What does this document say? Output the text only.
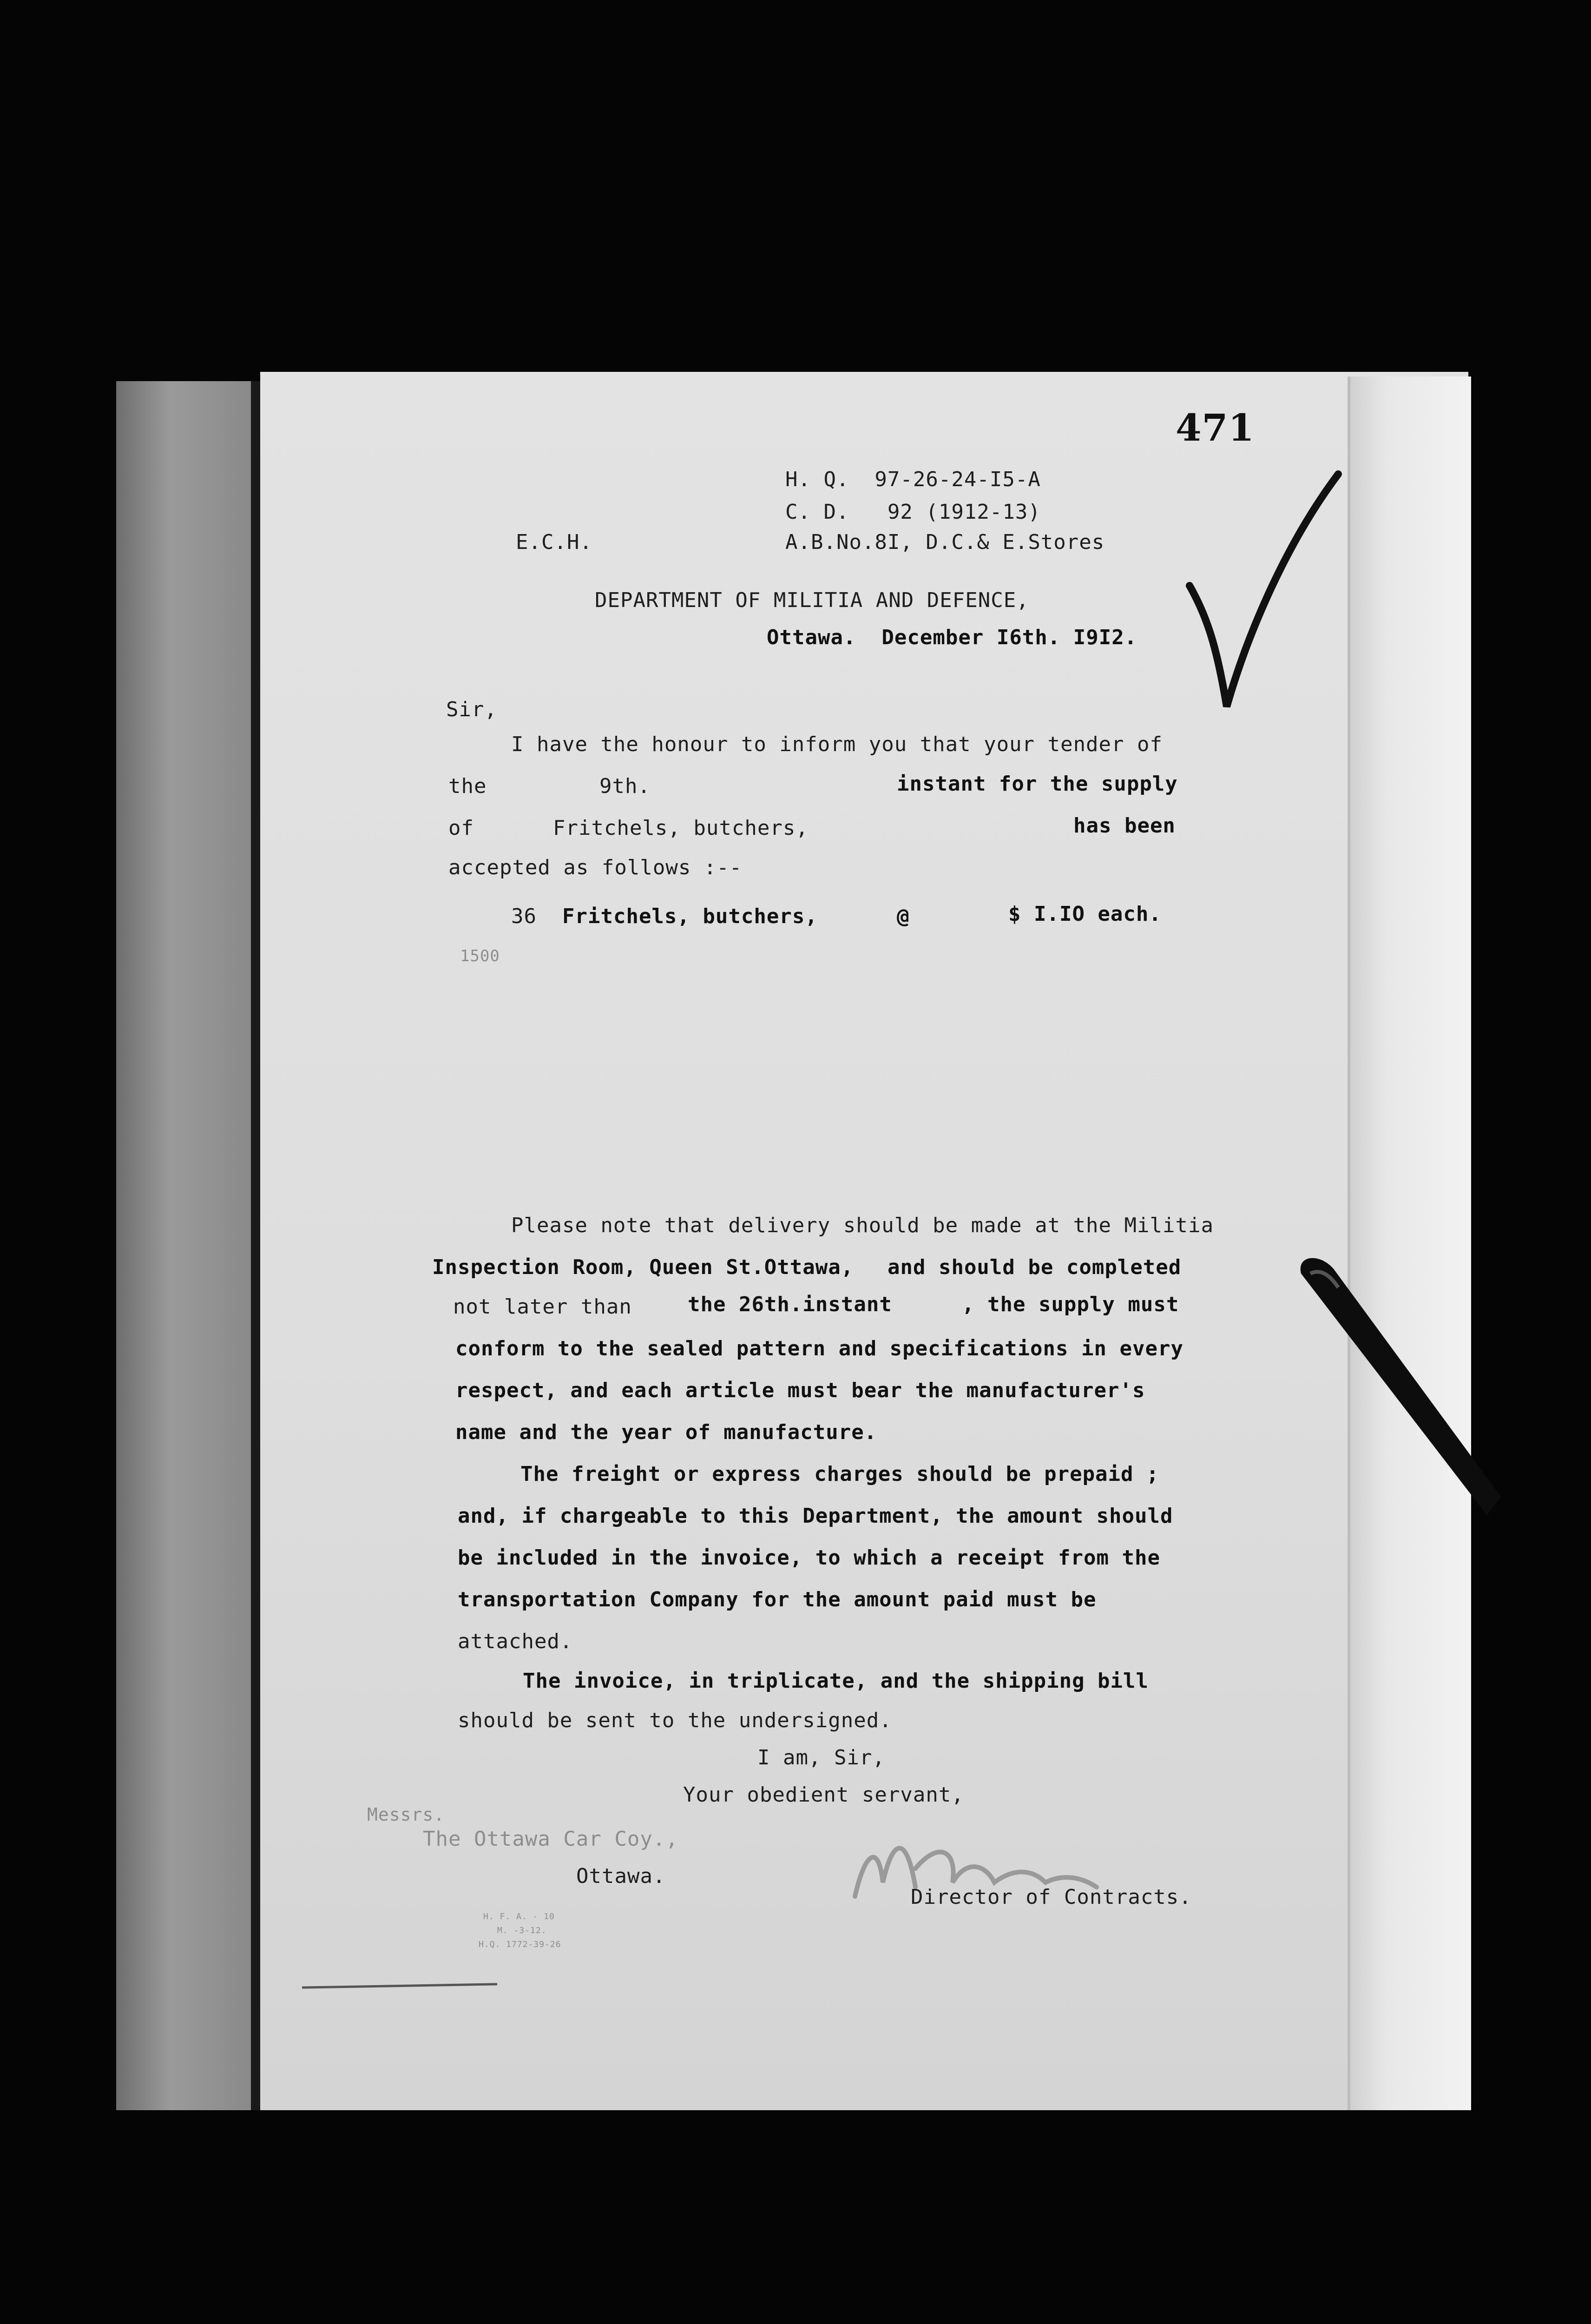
471
H. Q.  97-26-24-I5-A
C. D.   92 (1912-13)
E.C.H.	A.B.No.8I, D.C.& E.Stores
DEPARTMENT OF MILITIA AND DEFENCE,
Ottawa.  December I6th. I9I2.
Sir,
I have the honour to inform you that your tender of
the	9th.	instant for the supply
of	Fritchels, butchers,	has been
accepted as follows :--
36 Fritchels, butchers,	@	$ I.IO each.
1500
Please note that delivery should be made at the Militia
Inspection Room, Queen St.Ottawa, and should be completed
not later than	the 26th.instant	, the supply must
conform to the sealed pattern and specifications in every
respect, and each article must bear the manufacturer's
name and the year of manufacture.
The freight or express charges should be prepaid ;
and, if chargeable to this Department, the amount should
be included in the invoice, to which a receipt from the
transportation Company for the amount paid must be
attached.
The invoice, in triplicate, and the shipping bill
should be sent to the undersigned.
I am, Sir,
Your obedient servant,
Messrs.
The Ottawa Car Coy.,
Ottawa.
Director of Contracts.
H. F. A. - 10
M. -3-12.
H.Q. 1772-39-26
